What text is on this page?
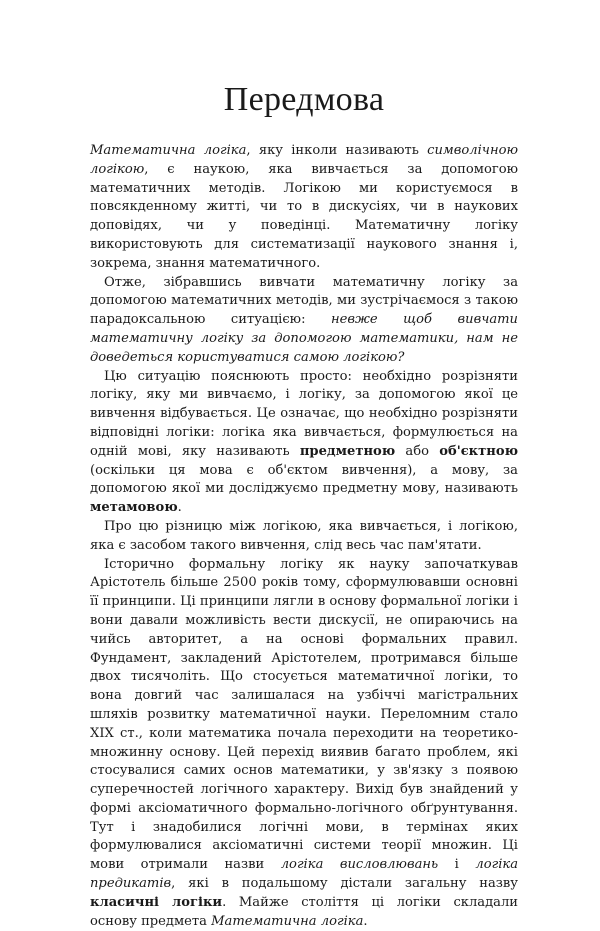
Передмова

Математична логіка, яку інколи називають символічною логікою, є наукою, яка вивчається за допомогою математичних методів. Логікою ми користуємося в повсякденному житті, чи то в дискусіях, чи в наукових доповідях, чи у поведінці. Математичну логіку використовують для систематизації наукового знання і, зокрема, знання математичного.

Отже, зібравшись вивчати математичну логіку за допомогою математичних методів, ми зустрічаємося з такою парадоксальною ситуацією: невже щоб вивчати математичну логіку за допомогою математики, нам не доведеться користуватися самою логікою?

Цю ситуацію пояснюють просто: необхідно розрізняти логіку, яку ми вивчаємо, і логіку, за допомогою якої це вивчення відбувається. Це означає, що необхідно розрізняти відповідні логіки: логіка яка вивчається, формулюється на одній мові, яку називають предметною або об'єктною (оскільки ця мова є об'єктом вивчення), а мову, за допомогою якої ми досліджуємо предметну мову, називають метамовою.

Про цю різницю між логікою, яка вивчається, і логікою, яка є засобом такого вивчення, слід весь час пам'ятати.

Історично формальну логіку як науку започаткував Арістотель більше 2500 років тому, сформулювавши основні її принципи. Ці принципи лягли в основу формальної логіки і вони давали можливість вести дискусії, не опираючись на чийсь авторитет, а на основі формальних правил. Фундамент, закладений Арістотелем, протримався більше двох тисячоліть. Що стосується математичної логіки, то вона довгий час залишалася на узбіччі магістральних шляхів розвитку математичної науки. Переломним стало XIX ст., коли математика почала переходити на теоретико-множинну основу. Цей перехід виявив багато проблем, які стосувалися самих основ математики, у зв'язку з появою суперечностей логічного характеру. Вихід був знайдений у формі аксіоматичного формально-логічного обґрунтування. Тут і знадобилися логічні мови, в термінах яких формулювалися аксіоматичні системи теорії множин. Ці мови отримали назви логіка висловлювань і логіка предикатів, які в подальшому дістали загальну назву класичні логіки. Майже століття ці логіки складали основу предмета Математична логіка.
